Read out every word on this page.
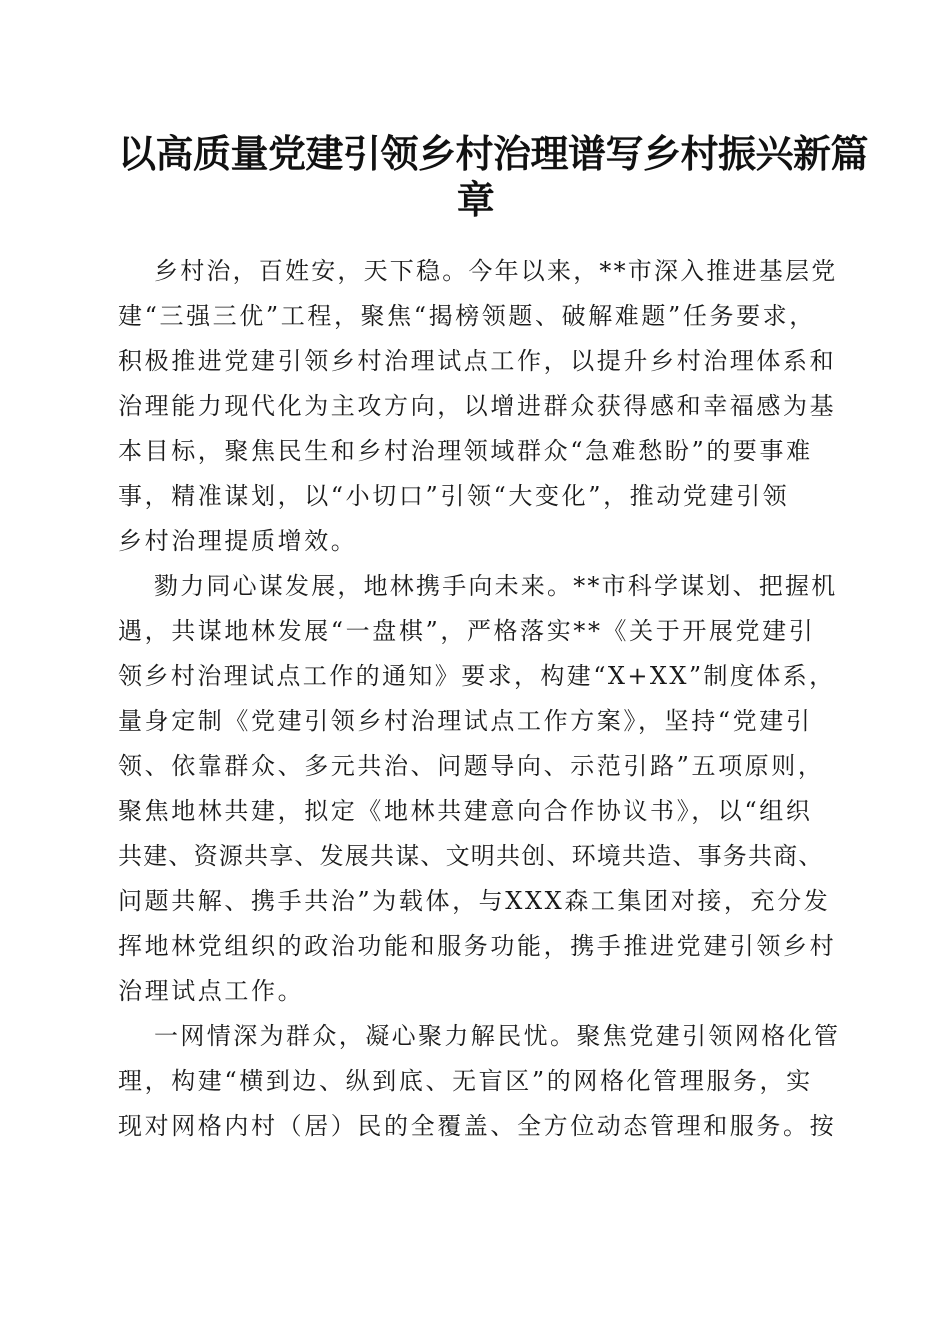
以高质量党建引领乡村治理谱写乡村振兴新篇
章

乡村治，百姓安，天下稳。今年以来，**市深入推进基层党
建“三强三优”工程，聚焦“揭榜领题、破解难题”任务要求，
积极推进党建引领乡村治理试点工作，以提升乡村治理体系和
治理能力现代化为主攻方向，以增进群众获得感和幸福感为基
本目标，聚焦民生和乡村治理领域群众“急难愁盼”的要事难
事，精准谋划，以“小切口”引领“大变化”，推动党建引领
乡村治理提质增效。

勠力同心谋发展，地林携手向未来。**市科学谋划、把握机
遇，共谋地林发展“一盘棋”，严格落实**《关于开展党建引
领乡村治理试点工作的通知》要求，构建“X+XX”制度体系，
量身定制《党建引领乡村治理试点工作方案》，坚持“党建引
领、依靠群众、多元共治、问题导向、示范引路”五项原则，
聚焦地林共建，拟定《地林共建意向合作协议书》，以“组织
共建、资源共享、发展共谋、文明共创、环境共造、事务共商、
问题共解、携手共治”为载体，与XXX森工集团对接，充分发
挥地林党组织的政治功能和服务功能，携手推进党建引领乡村
治理试点工作。

一网情深为群众，凝心聚力解民忧。聚焦党建引领网格化管
理，构建“横到边、纵到底、无盲区”的网格化管理服务，实
现对网格内村（居）民的全覆盖、全方位动态管理和服务。按
